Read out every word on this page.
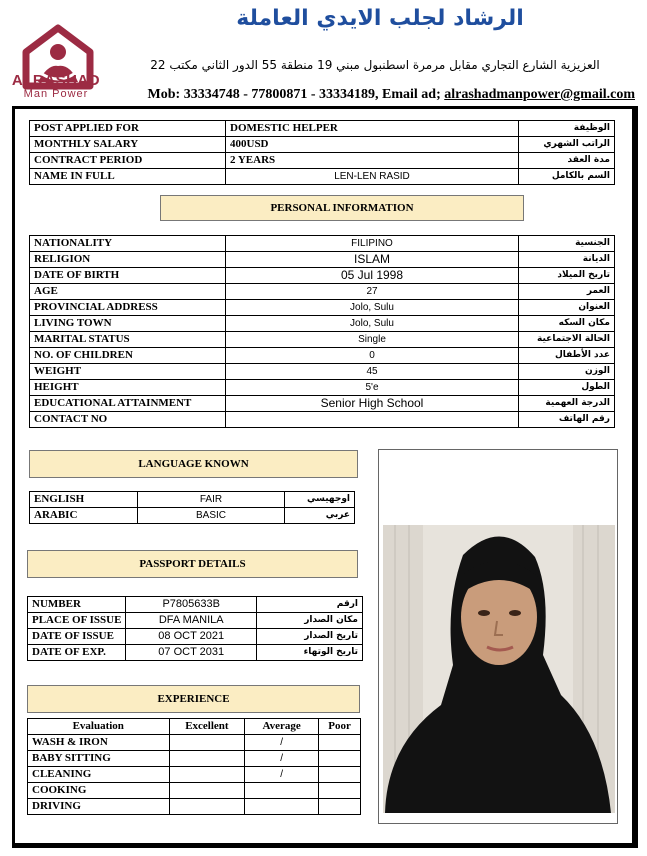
ALRASHAD
Man Power
الرشاد لجلب الايدي العاملة
العزيزية الشارع التجاري مقابل مرمرة اسطنبول مبني 19 منطقة 55 الدور الثاني مكتب 22
Mob: 33334748 - 77800871 - 33334189, Email ad; alrashadmanpower@gmail.com
POST APPLIED FOR	DOMESTIC HELPER	الوظيفة
MONTHLY SALARY	400USD	الراتب الشهري
CONTRACT PERIOD	2 YEARS	مدة العقد
NAME IN FULL	LEN-LEN RASID	السم بالكامل
PERSONAL INFORMATION
NATIONALITY	FILIPINO	الجنسية
RELIGION	ISLAM	الديانة
DATE OF BIRTH	05 Jul 1998	تاريخ الميلاد
AGE	27	العمر
PROVINCIAL ADDRESS	Jolo, Sulu	العنوان
LIVING TOWN	Jolo, Sulu	مكان السكه
MARITAL STATUS	Single	الحالة الاجتماعية
NO. OF CHILDREN	0	عدد الأطفال
WEIGHT	45	الوزن
HEIGHT	5'e	الطول
EDUCATIONAL ATTAINMENT	Senior High School	الدرجة العهمية
CONTACT NO		رقم الهاتف
LANGUAGE KNOWN
ENGLISH	FAIR	اوجهيسي
ARABIC	BASIC	عربي
PASSPORT DETAILS
NUMBER	P7805633B	ارقم
PLACE OF ISSUE	DFA MANILA	مكان الصدار
DATE OF ISSUE	08 OCT 2021	تاريخ الصدار
DATE OF EXP.	07 OCT 2031	تاريخ الوتهاء
EXPERIENCE
Evaluation	Excellent	Average	Poor
WASH & IRON		/	
BABY SITTING		/	
CLEANING		/	
COOKING			
DRIVING			
